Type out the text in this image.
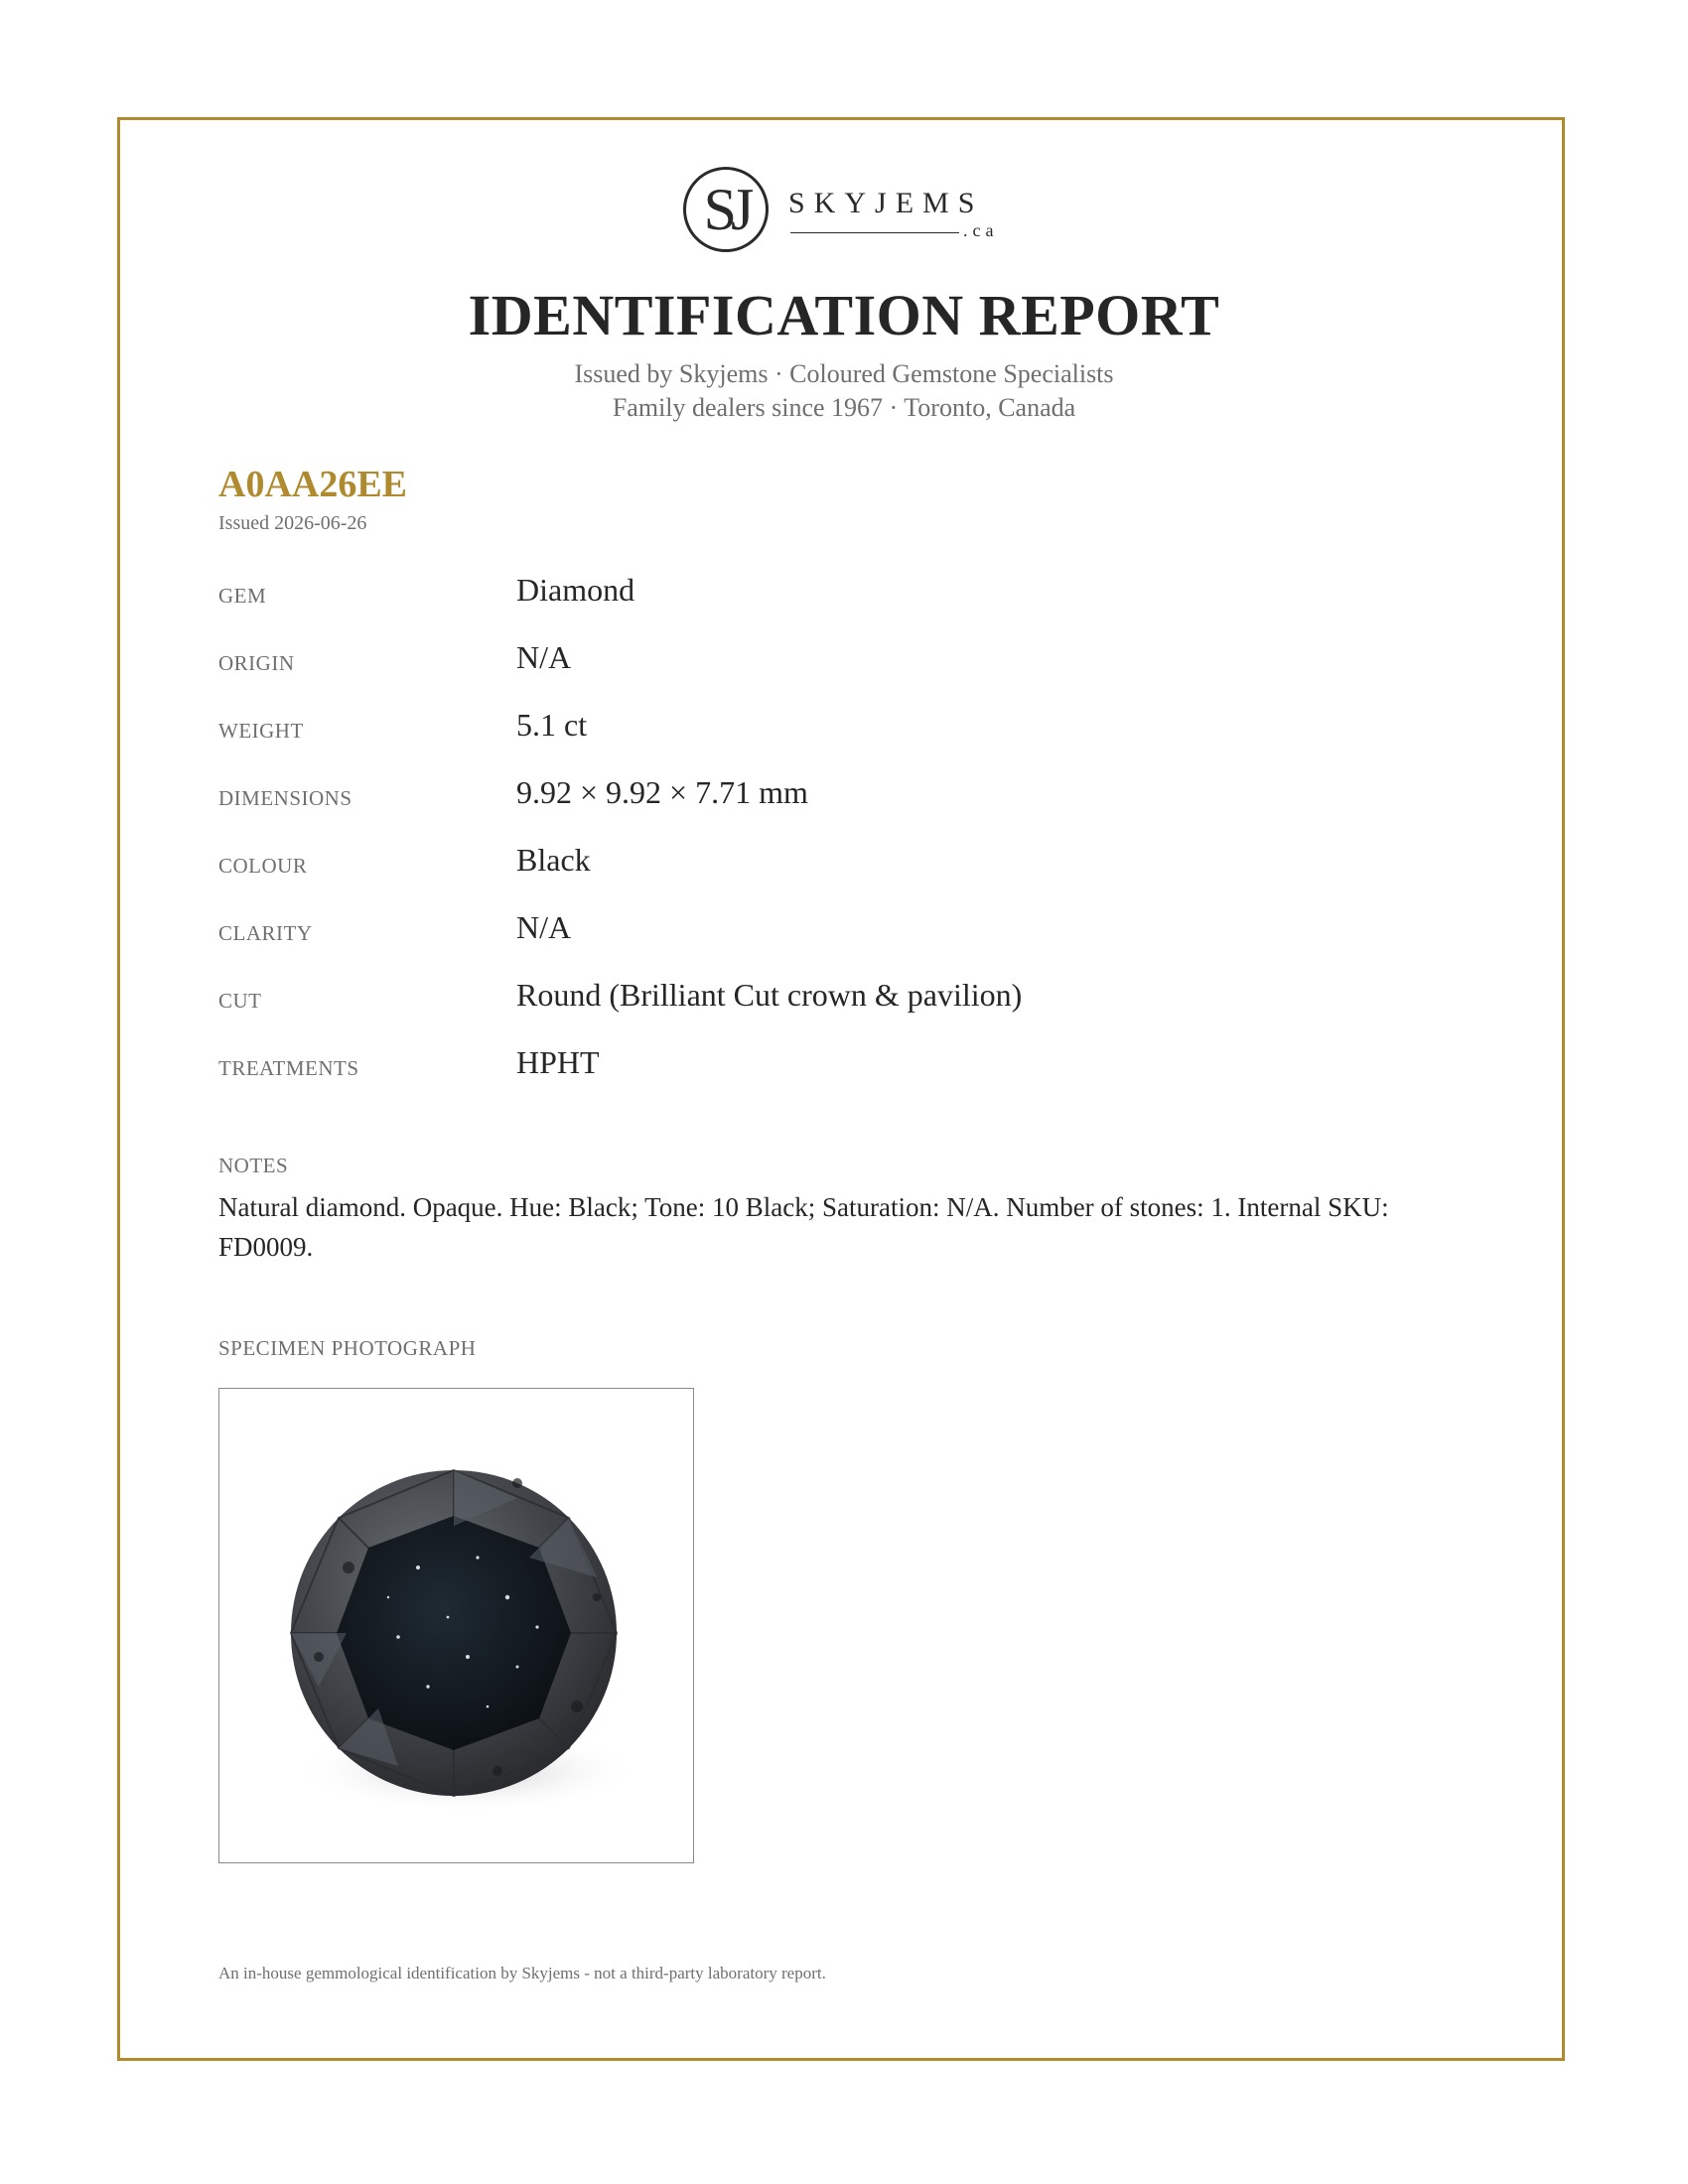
SJ	SKYJEMS
.ca
IDENTIFICATION REPORT
Issued by Skyjems · Coloured Gemstone Specialists
Family dealers since 1967 · Toronto, Canada
A0AA26EE
Issued 2026-06-26
GEM	Diamond
ORIGIN	N/A
WEIGHT	5.1 ct
DIMENSIONS	9.92 × 9.92 × 7.71 mm
COLOUR	Black
CLARITY	N/A
CUT	Round (Brilliant Cut crown & pavilion)
TREATMENTS	HPHT
NOTES
Natural diamond. Opaque. Hue: Black; Tone: 10 Black; Saturation: N/A. Number of stones: 1. Internal SKU: FD0009.
SPECIMEN PHOTOGRAPH
An in-house gemmological identification by Skyjems - not a third-party laboratory report.
